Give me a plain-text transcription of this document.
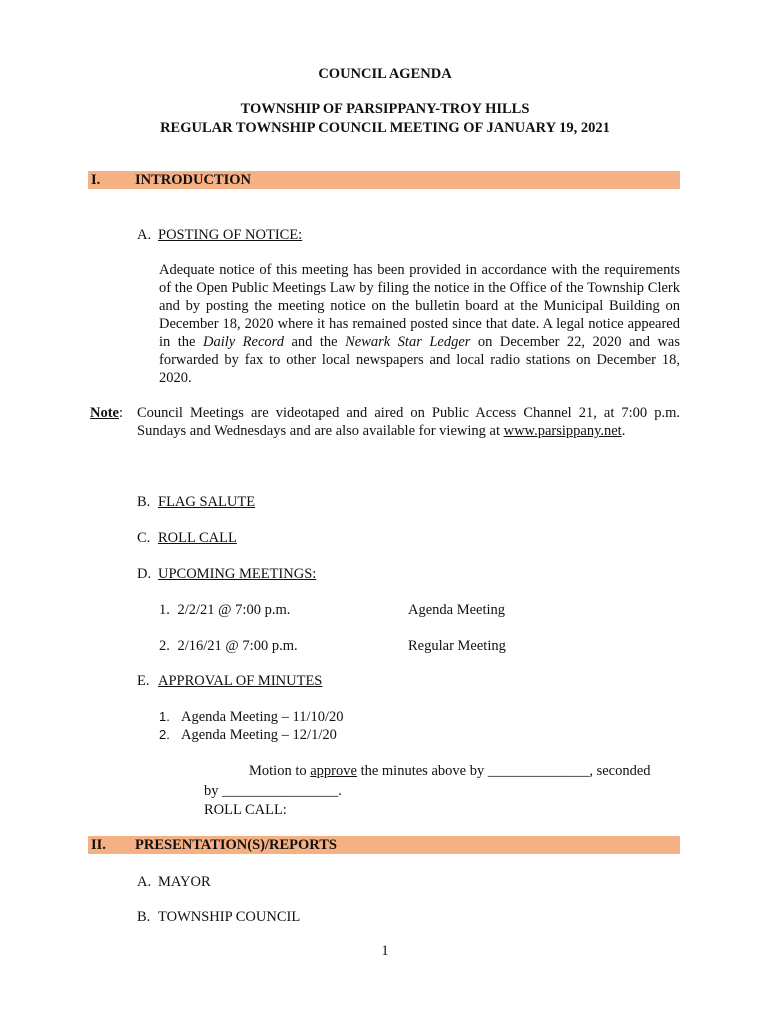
COUNCIL AGENDA
TOWNSHIP OF PARSIPPANY-TROY HILLS
REGULAR TOWNSHIP COUNCIL MEETING OF JANUARY 19, 2021
I. INTRODUCTION
A. POSTING OF NOTICE:
Adequate notice of this meeting has been provided in accordance with the requirements of the Open Public Meetings Law by filing the notice in the Office of the Township Clerk and by posting the meeting notice on the bulletin board at the Municipal Building on December 18, 2020 where it has remained posted since that date. A legal notice appeared in the Daily Record and the Newark Star Ledger on December 22, 2020 and was forwarded by fax to other local newspapers and local radio stations on December 18, 2020.
Note: Council Meetings are videotaped and aired on Public Access Channel 21, at 7:00 p.m. Sundays and Wednesdays and are also available for viewing at www.parsippany.net.
B. FLAG SALUTE
C. ROLL CALL
D. UPCOMING MEETINGS:
1. 2/2/21 @ 7:00 p.m.	Agenda Meeting
2. 2/16/21 @ 7:00 p.m.	Regular Meeting
E. APPROVAL OF MINUTES
1. Agenda Meeting – 11/10/20
2. Agenda Meeting – 12/1/20
Motion to approve the minutes above by ______________, seconded
by ________________.
ROLL CALL:
II. PRESENTATION(S)/REPORTS
A. MAYOR
B. TOWNSHIP COUNCIL
1
